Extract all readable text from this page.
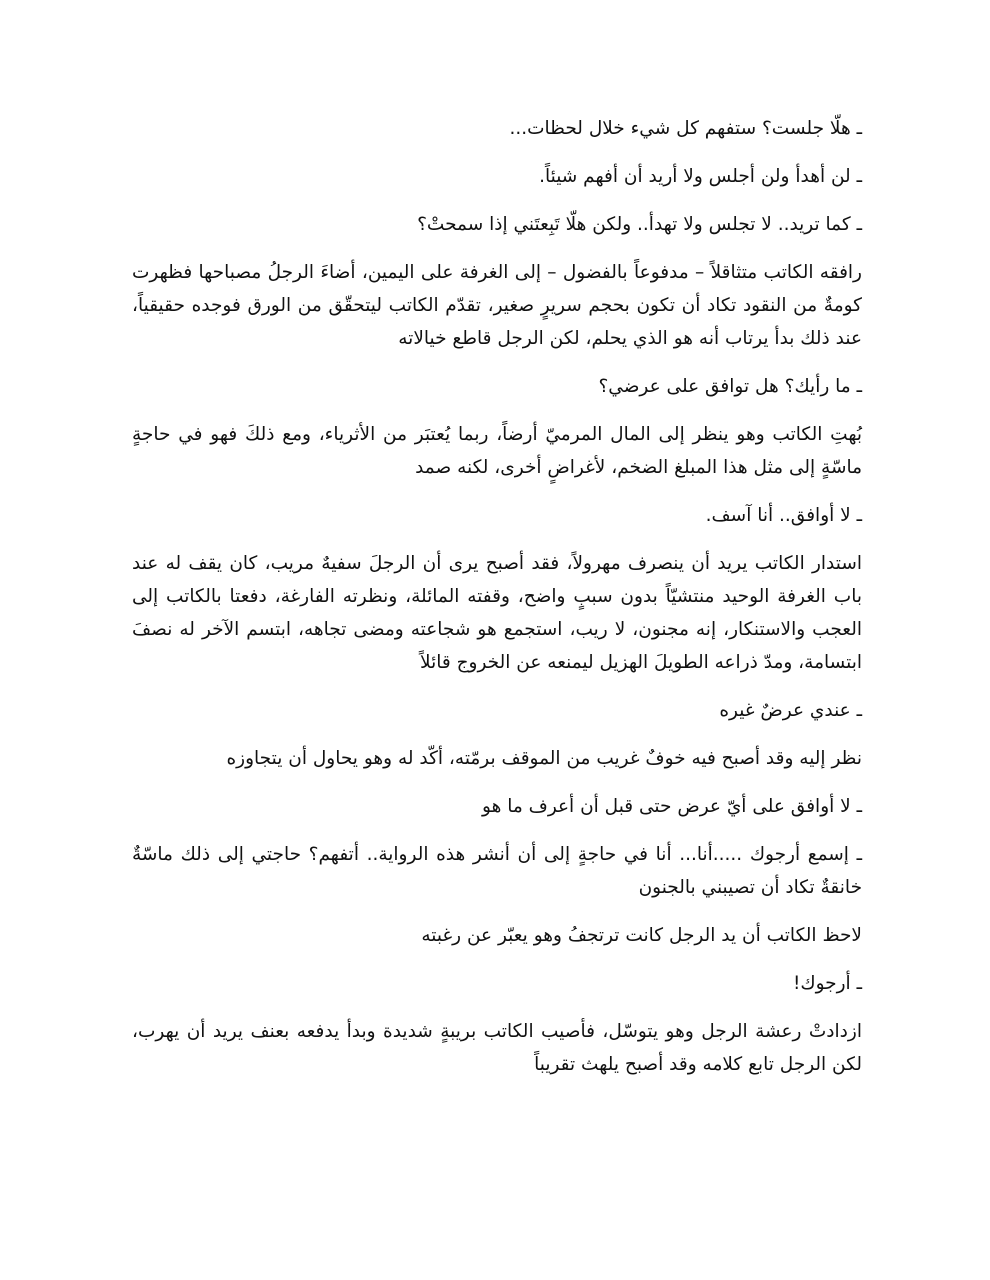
ـ هلّا جلست؟ ستفهم كل شيء خلال لحظات...

ـ لن أهدأ ولن أجلس ولا أريد أن أفهم شيئاً.

ـ كما تريد.. لا تجلس ولا تهدأ.. ولكن هلّا تَبِعتَني إذا سمحتْ؟

رافقه الكاتب متثاقلاً – مدفوعاً بالفضول – إلى الغرفة على اليمين، أضاءَ الرجلُ مصباحها فظهرت كومةٌ من النقود تكاد أن تكون بحجم سريرٍ صغير، تقدّم الكاتب ليتحقّق من الورق فوجده حقيقياً، عند ذلك بدأ يرتاب أنه هو الذي يحلم، لكن الرجل قاطع خيالاته

ـ ما رأيك؟ هل توافق على عرضي؟

بُهتِ الكاتب وهو ينظر إلى المال المرميّ أرضاً، ربما يُعتبَر من الأثرياء، ومع ذلكَ فهو في حاجةٍ ماسّةٍ إلى مثل هذا المبلغ الضخم، لأغراضٍ أخرى، لكنه صمد

ـ لا أوافق.. أنا آسف.

استدار الكاتب يريد أن ينصرف مهرولاً، فقد أصبح يرى أن الرجلَ سفيهٌ مريب، كان يقف له عند باب الغرفة الوحيد منتشيّاً بدون سببٍ واضح، وقفته المائلة، ونظرته الفارغة، دفعتا بالكاتب إلى العجب والاستنكار، إنه مجنون، لا ريب، استجمع هو شجاعته ومضى تجاهه، ابتسم الآخر له نصفَ ابتسامة، ومدّ ذراعه الطويلَ الهزيل ليمنعه عن الخروج قائلاً

ـ عندي عرضٌ غيره

نظر إليه وقد أصبح فيه خوفٌ غريب من الموقف برمّته، أكّد له وهو يحاول أن يتجاوزه

ـ لا أوافق على أيّ عرض حتى قبل أن أعرف ما هو

ـ إسمع أرجوك .....أنا... أنا في حاجةٍ إلى أن أنشر هذه الرواية.. أتفهم؟ حاجتي إلى ذلك ماسّةٌ خانقةٌ تكاد أن تصيبني بالجنون

لاحظ الكاتب أن يد الرجل كانت ترتجفُ وهو يعبّر عن رغبته

ـ أرجوك!

ازدادتْ رعشة الرجل وهو يتوسّل، فأصيب الكاتب بريبةٍ شديدة وبدأ يدفعه بعنف يريد أن يهرب، لكن الرجل تابع كلامه وقد أصبح يلهث تقريباً
